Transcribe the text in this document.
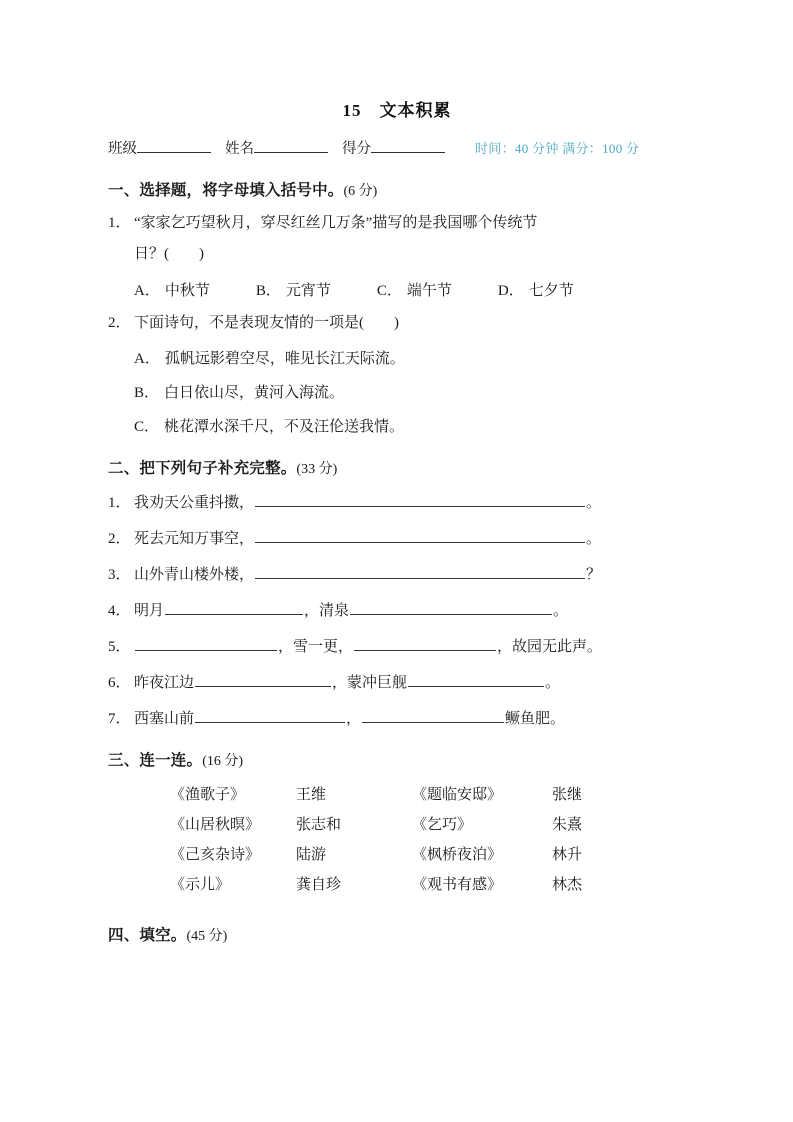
15　文本积累
班级	姓名	得分	时间：40 分钟 满分：100 分
一、选择题，将字母填入括号中。(6 分)
1． “家家乞巧望秋月，穿尽红丝几万条”描写的是我国哪个传统节
日？(　　)
A． 中秋节	B． 元宵节	C． 端午节	D． 七夕节
2． 下面诗句，不是表现友情的一项是(　　)
A． 孤帆远影碧空尽，唯见长江天际流。
B． 白日依山尽，黄河入海流。
C． 桃花潭水深千尺，不及汪伦送我情。
二、把下列句子补充完整。(33 分)
1． 我劝天公重抖擞，	。
2． 死去元知万事空，	。
3． 山外青山楼外楼，	？
4． 明月	，清泉	。
5．	，雪一更，	，故园无此声。
6． 昨夜江边	，蒙冲巨舰	。
7． 西塞山前	，	鳜鱼肥。
三、连一连。(16 分)
《渔歌子》	王维	《题临安邸》	张继
《山居秋暝》	张志和	《乞巧》	朱熹
《己亥杂诗》	陆游	《枫桥夜泊》	林升
《示儿》	龚自珍	《观书有感》	林杰
四、填空。(45 分)
